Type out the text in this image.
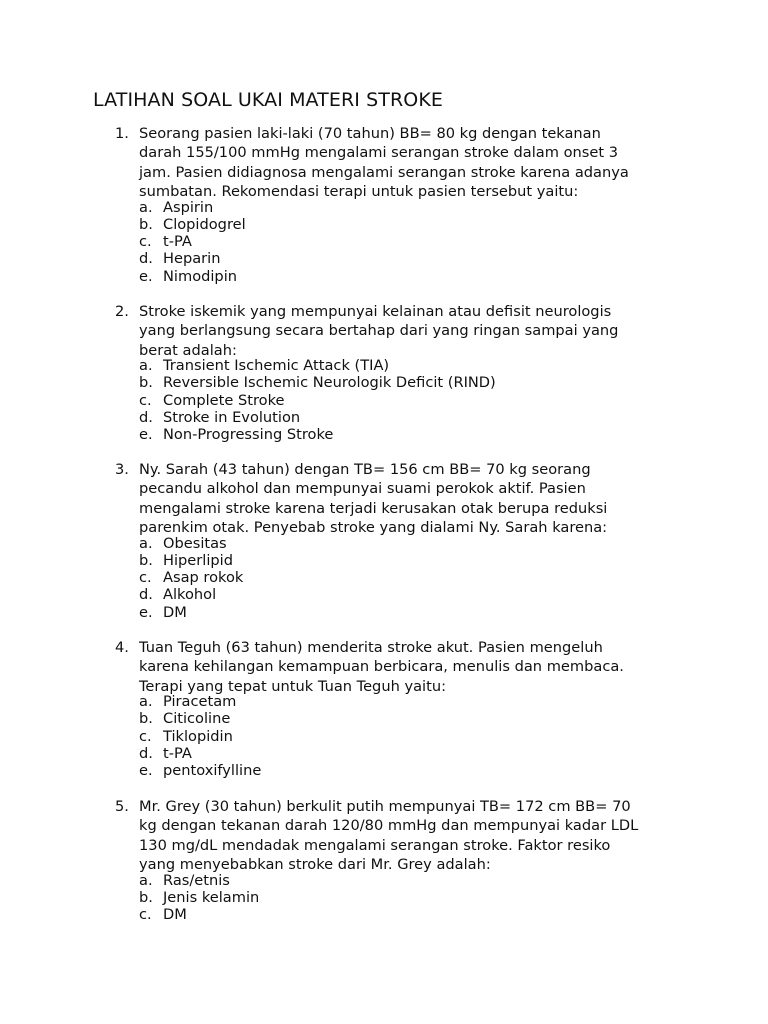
LATIHAN SOAL UKAI MATERI STROKE
1. Seorang pasien laki-laki (70 tahun) BB= 80 kg dengan tekanan
darah 155/100 mmHg mengalami serangan stroke dalam onset 3
jam. Pasien didiagnosa mengalami serangan stroke karena adanya
sumbatan. Rekomendasi terapi untuk pasien tersebut yaitu:
a. Aspirin
b. Clopidogrel
c. t-PA
d. Heparin
e. Nimodipin
2. Stroke iskemik yang mempunyai kelainan atau defisit neurologis
yang berlangsung secara bertahap dari yang ringan sampai yang
berat adalah:
a. Transient Ischemic Attack (TIA)
b. Reversible Ischemic Neurologik Deficit (RIND)
c. Complete Stroke
d. Stroke in Evolution
e. Non-Progressing Stroke
3. Ny. Sarah (43 tahun) dengan TB= 156 cm BB= 70 kg seorang
pecandu alkohol dan mempunyai suami perokok aktif. Pasien
mengalami stroke karena terjadi kerusakan otak berupa reduksi
parenkim otak. Penyebab stroke yang dialami Ny. Sarah karena:
a. Obesitas
b. Hiperlipid
c. Asap rokok
d. Alkohol
e. DM
4. Tuan Teguh (63 tahun) menderita stroke akut. Pasien mengeluh
karena kehilangan kemampuan berbicara, menulis dan membaca.
Terapi yang tepat untuk Tuan Teguh yaitu:
a. Piracetam
b. Citicoline
c. Tiklopidin
d. t-PA
e. pentoxifylline
5. Mr. Grey (30 tahun) berkulit putih mempunyai TB= 172 cm BB= 70
kg dengan tekanan darah 120/80 mmHg dan mempunyai kadar LDL
130 mg/dL mendadak mengalami serangan stroke. Faktor resiko
yang menyebabkan stroke dari Mr. Grey adalah:
a. Ras/etnis
b. Jenis kelamin
c. DM
